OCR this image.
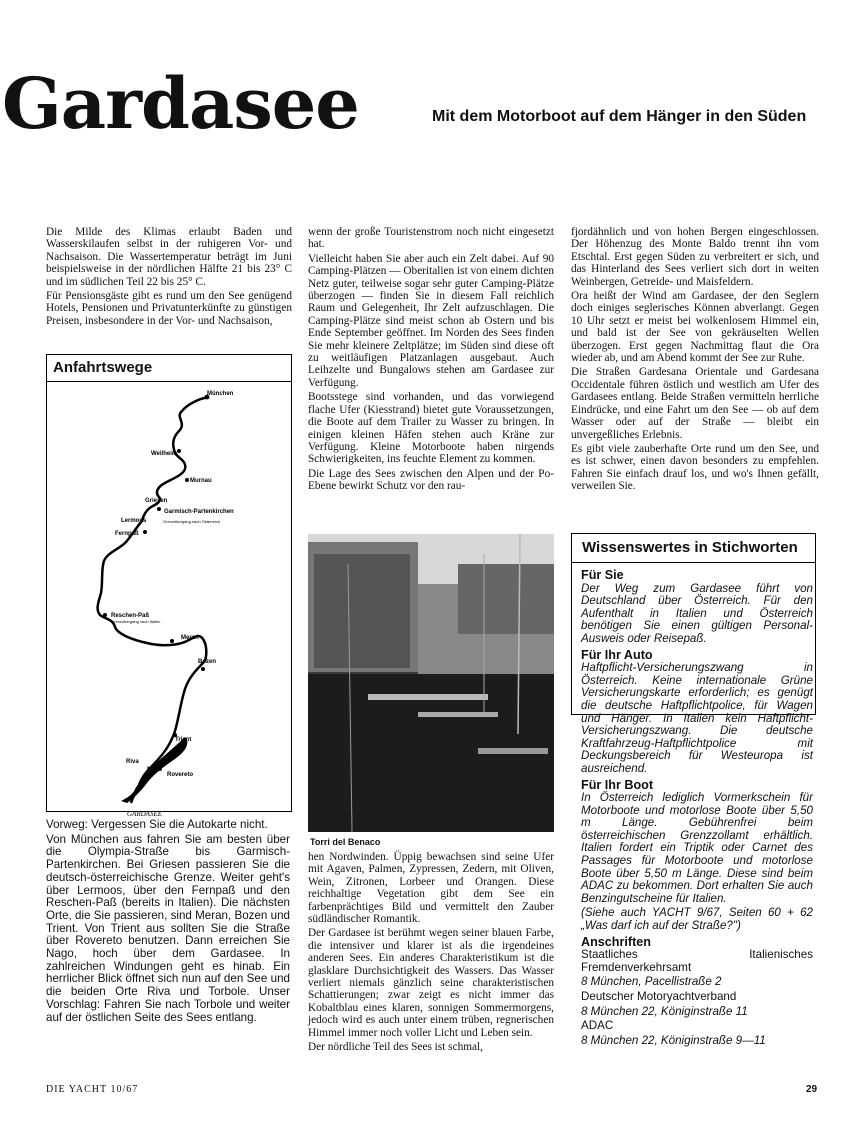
Gardasee	Mit dem Motorboot auf dem Hänger in den Süden

Die Milde des Klimas erlaubt Baden und Wasserskilaufen selbst in der ruhigeren Vor- und Nachsaison. Die Wassertemperatur beträgt im Juni beispielsweise in der nördlichen Hälfte 21 bis 23° C und im südlichen Teil 22 bis 25° C.

Für Pensionsgäste gibt es rund um den See genügend Hotels, Pensionen und Privatunterkünfte zu günstigen Preisen, insbesondere in der Vor- und Nachsaison,

Anfahrtswege
München
Weilheim
Murnau
Griesen
Garmisch-Partenkirchen
Lermoos	Grenzübergang nach Österreich
Fernpaß
Reschen-Paß
Grenzübergang nach Italien
Meran
Bozen
Trient
Riva
Nago
Rovereto
GARDASEE

Vorweg: Vergessen Sie die Autokarte nicht.

Von München aus fahren Sie am besten über die Olympia-Straße bis Garmisch-Partenkirchen. Bei Griesen passieren Sie die deutsch-österreichische Grenze. Weiter geht's über Lermoos, über den Fernpaß und den Reschen-Paß (bereits in Italien). Die nächsten Orte, die Sie passieren, sind Meran, Bozen und Trient. Von Trient aus sollten Sie die Straße über Rovereto benutzen. Dann erreichen Sie Nago, hoch über dem Gardasee. In zahlreichen Windungen geht es hinab. Ein herrlicher Blick öffnet sich nun auf den See und die beiden Orte Riva und Torbole. Unser Vorschlag: Fahren Sie nach Torbole und weiter auf der östlichen Seite des Sees entlang.

wenn der große Touristenstrom noch nicht eingesetzt hat.

Vielleicht haben Sie aber auch ein Zelt dabei. Auf 90 Camping-Plätzen — Oberitalien ist von einem dichten Netz guter, teilweise sogar sehr guter Camping-Plätze überzogen — finden Sie in diesem Fall reichlich Raum und Gelegenheit, Ihr Zelt aufzuschlagen. Die Camping-Plätze sind meist schon ab Ostern und bis Ende September geöffnet. Im Norden des Sees finden Sie mehr kleinere Zeltplätze; im Süden sind diese oft zu weitläufigen Platzanlagen ausgebaut. Auch Leihzelte und Bungalows stehen am Gardasee zur Verfügung.

Bootsstege sind vorhanden, und das vorwiegend flache Ufer (Kiesstrand) bietet gute Voraussetzungen, die Boote auf dem Trailer zu Wasser zu bringen. In einigen kleinen Häfen stehen auch Kräne zur Verfügung. Kleine Motorboote haben nirgends Schwierigkeiten, ins feuchte Element zu kommen.

Die Lage des Sees zwischen den Alpen und der Po-Ebene bewirkt Schutz vor den rau-

Torri del Benaco

hen Nordwinden. Üppig bewachsen sind seine Ufer mit Agaven, Palmen, Zypressen, Zedern, mit Oliven, Wein, Zitronen, Lorbeer und Orangen. Diese reichhaltige Vegetation gibt dem See ein farbenprächtiges Bild und vermittelt den Zauber südländischer Romantik.

Der Gardasee ist berühmt wegen seiner blauen Farbe, die intensiver und klarer ist als die irgendeines anderen Sees. Ein anderes Charakteristikum ist die glasklare Durchsichtigkeit des Wassers. Das Wasser verliert niemals gänzlich seine charakteristischen Schattierungen; zwar zeigt es nicht immer das Kobaltblau eines klaren, sonnigen Sommermorgens, jedoch wird es auch unter einem trüben, regnerischen Himmel immer noch voller Licht und Leben sein.

Der nördliche Teil des Sees ist schmal,

fjordähnlich und von hohen Bergen eingeschlossen. Der Höhenzug des Monte Baldo trennt ihn vom Etschtal. Erst gegen Süden zu verbreitert er sich, und das Hinterland des Sees verliert sich dort in weiten Weinbergen, Getreide- und Maisfeldern.

Ora heißt der Wind am Gardasee, der den Seglern doch einiges seglerisches Können abverlangt. Gegen 10 Uhr setzt er meist bei wolkenlosem Himmel ein, und bald ist der See von gekräuselten Wellen überzogen. Erst gegen Nachmittag flaut die Ora wieder ab, und am Abend kommt der See zur Ruhe.

Die Straßen Gardesana Orientale und Gardesana Occidentale führen östlich und westlich am Ufer des Gardasees entlang. Beide Straßen vermitteln herrliche Eindrücke, und eine Fahrt um den See — ob auf dem Wasser oder auf der Straße — bleibt ein unvergeßliches Erlebnis.

Es gibt viele zauberhafte Orte rund um den See, und es ist schwer, einen davon besonders zu empfehlen. Fahren Sie einfach drauf los, und wo's Ihnen gefällt, verweilen Sie.

Wissenswertes in Stichworten
Für Sie

Der Weg zum Gardasee führt von Deutschland über Österreich. Für den Aufenthalt in Italien und Österreich benötigen Sie einen gültigen Personal-Ausweis oder Reisepaß.

Für Ihr Auto

Haftpflicht-Versicherungszwang in Österreich. Keine internationale Grüne Versicherungskarte erforderlich; es genügt die deutsche Haftpflichtpolice, für Wagen und Hänger. In Italien kein Haftpflicht-Versicherungszwang. Die deutsche Kraftfahrzeug-Haftpflichtpolice mit Deckungsbereich für Westeuropa ist ausreichend.

Für Ihr Boot

In Österreich lediglich Vormerkschein für Motorboote und motorlose Boote über 5,50 m Länge. Gebührenfrei beim österreichischen Grenzzollamt erhältlich. Italien fordert ein Triptik oder Carnet des Passages für Motorboote und motorlose Boote über 5,50 m Länge. Diese sind beim ADAC zu bekommen. Dort erhalten Sie auch Benzingutscheine für Italien.

(Siehe auch YACHT 9/67, Seiten 60 + 62 „Was darf ich auf der Straße?")

Anschriften

Staatliches Italienisches Fremdenverkehrsamt

8 München, Pacellistraße 2

Deutscher Motoryachtverband

8 München 22, Königinstraße 11

ADAC

8 München 22, Königinstraße 9—11

DIE YACHT 10/67	29
